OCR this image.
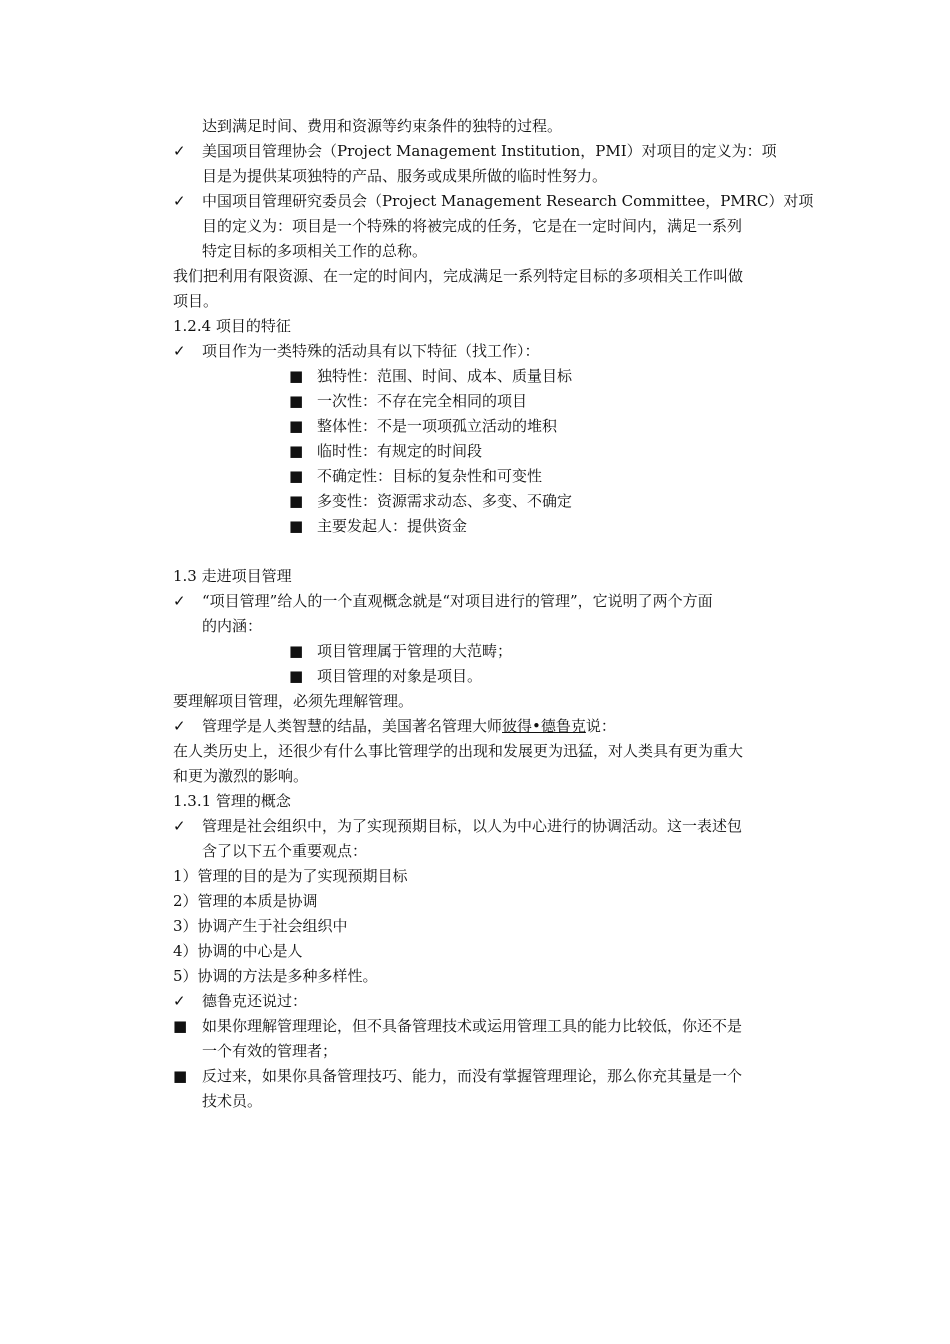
达到满足时间、费用和资源等约束条件的独特的过程。
✓	美国项目管理协会（Project Management Institution，PMI）对项目的定义为：项
目是为提供某项独特的产品、服务或成果所做的临时性努力。
✓	中国项目管理研究委员会（Project Management Research Committee，PMRC）对项
目的定义为：项目是一个特殊的将被完成的任务，它是在一定时间内，满足一系列
特定目标的多项相关工作的总称。
我们把利用有限资源、在一定的时间内，完成满足一系列特定目标的多项相关工作叫做
项目。
1.2.4 项目的特征
✓	项目作为一类特殊的活动具有以下特征（找工作）：
■ 独特性：范围、时间、成本、质量目标
■ 一次性：不存在完全相同的项目
■ 整体性：不是一项项孤立活动的堆积
■ 临时性：有规定的时间段
■ 不确定性：目标的复杂性和可变性
■ 多变性：资源需求动态、多变、不确定
■ 主要发起人：提供资金
1.3 走进项目管理
✓	“项目管理”给人的一个直观概念就是“对项目进行的管理”，它说明了两个方面
的内涵：
■ 项目管理属于管理的大范畴；
■ 项目管理的对象是项目。
要理解项目管理，必须先理解管理。
✓	管理学是人类智慧的结晶，美国著名管理大师彼得•德鲁克说：
在人类历史上，还很少有什么事比管理学的出现和发展更为迅猛，对人类具有更为重大
和更为激烈的影响。
1.3.1 管理的概念
✓	管理是社会组织中，为了实现预期目标，以人为中心进行的协调活动。这一表述包
含了以下五个重要观点：
1）管理的目的是为了实现预期目标
2）管理的本质是协调
3）协调产生于社会组织中
4）协调的中心是人
5）协调的方法是多种多样性。
✓	德鲁克还说过：
■ 如果你理解管理理论，但不具备管理技术或运用管理工具的能力比较低，你还不是
一个有效的管理者；
■ 反过来，如果你具备管理技巧、能力，而没有掌握管理理论，那么你充其量是一个
技术员。
